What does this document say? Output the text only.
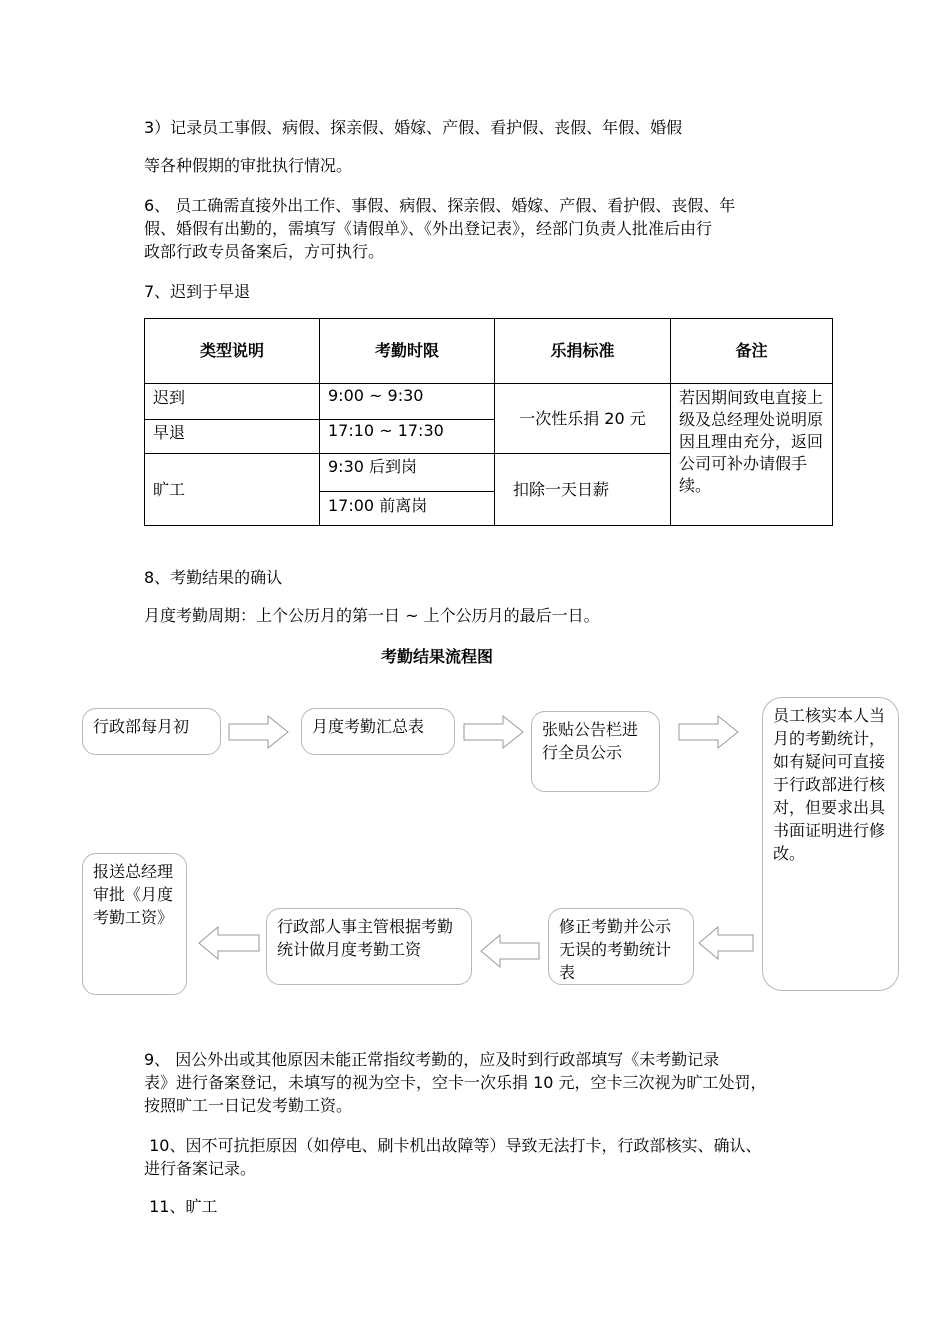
3）记录员工事假、病假、探亲假、婚嫁、产假、看护假、丧假、年假、婚假

等各种假期的审批执行情况。

6、 员工确需直接外出工作、事假、病假、探亲假、婚嫁、产假、看护假、丧假、年

假、婚假有出勤的，需填写《请假单》、《外出登记表》，经部门负责人批准后由行

政部行政专员备案后，方可执行。

7、迟到于早退

类型说明	考勤时限	乐捐标准	备注
迟到	9:00 ~ 9:30	一次性乐捐 20 元	若因期间致电直接上级及总经理处说明原因且理由充分，返回公司可补办请假手续。
早退	17:10 ~ 17:30		
旷工	9:30 后到岗	扣除一天日薪	
	17:00 前离岗		

8、考勤结果的确认

月度考勤周期：上个公历月的第一日 ~ 上个公历月的最后一日。

考勤结果流程图
行政部每月初	月度考勤汇总表	张贴公告栏进行全员公示
员工核实本人当月的考勤统计，如有疑问可直接于行政部进行核对，但要求出具书面证明进行修改。
修正考勤并公示无误的考勤统计表
行政部人事主管根据考勤统计做月度考勤工资
报送总经理审批《月度考勤工资》

9、 因公外出或其他原因未能正常指纹考勤的，应及时到行政部填写《未考勤记录

表》进行备案登记，未填写的视为空卡，空卡一次乐捐 10 元，空卡三次视为旷工处罚，

按照旷工一日记发考勤工资。

10、因不可抗拒原因（如停电、刷卡机出故障等）导致无法打卡，行政部核实、确认、

进行备案记录。

11、旷工
